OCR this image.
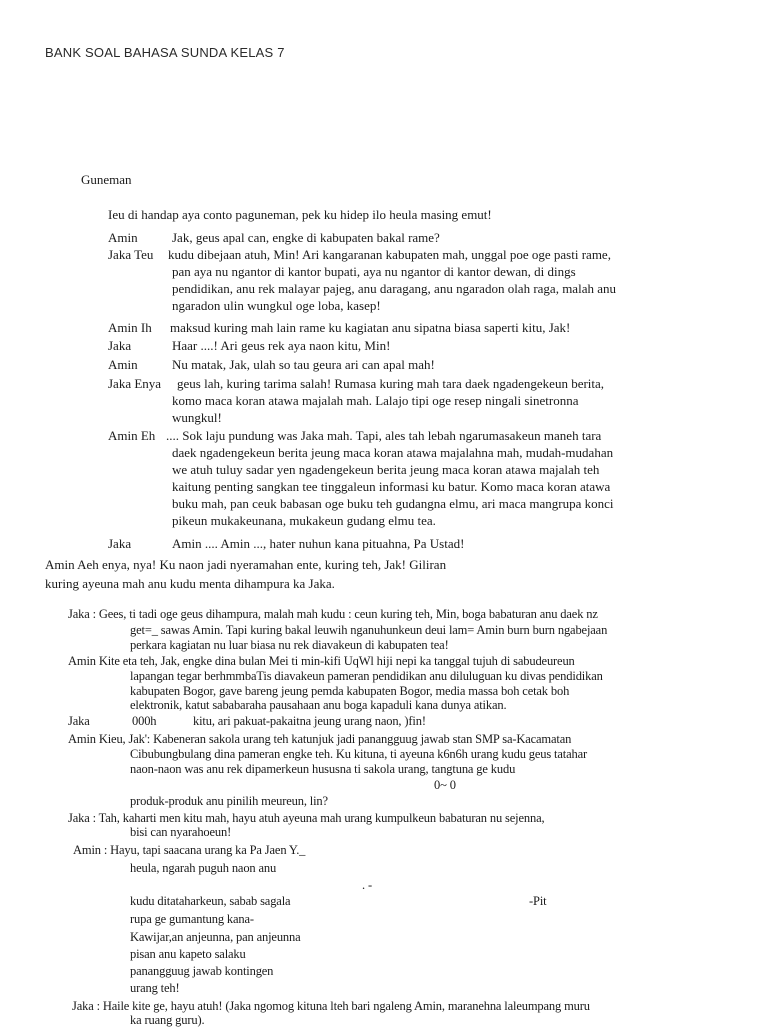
BANK SOAL BAHASA SUNDA KELAS 7
Guneman
Ieu di handap aya conto paguneman, pek ku hidep ilo heula masing emut!
Amin	Jak, geus apal can, engke di kabupaten bakal rame?
Jaka Teu kudu dibejaan atuh, Min! Ari kangaranan kabupaten mah, unggal poe oge pasti rame,
pan aya nu ngantor di kantor bupati, aya nu ngantor di kantor dewan, di dings
pendidikan, anu rek malayar pajeg, anu daragang, anu ngaradon olah raga, malah anu
ngaradon ulin wungkul oge loba, kasep!
Amin Ih maksud kuring mah lain rame ku kagiatan anu sipatna biasa saperti kitu, Jak!
Jaka	Haar ....! Ari geus rek aya naon kitu, Min!
Amin	Nu matak, Jak, ulah so tau geura ari can apal mah!
Jaka Enya geus lah, kuring tarima salah! Rumasa kuring mah tara daek ngadengekeun berita,
komo maca koran atawa majalah mah. Lalajo tipi oge resep ningali sinetronna
wungkul!
Amin Eh .... Sok laju pundung was Jaka mah. Tapi, ales tah lebah ngarumasakeun maneh tara
daek ngadengekeun berita jeung maca koran atawa majalahna mah, mudah-mudahan
we atuh tuluy sadar yen ngadengekeun berita jeung maca koran atawa majalah teh
kaitung penting sangkan tee tinggaleun informasi ku batur. Komo maca koran atawa
buku mah, pan ceuk babasan oge buku teh gudangna elmu, ari maca mangrupa konci
pikeun mukakeunana, mukakeun gudang elmu tea.
Jaka	Amin .... Amin ..., hater nuhun kana pituahna, Pa Ustad!
Amin Aeh enya, nya! Ku naon jadi nyeramahan ente, kuring teh, Jak! Giliran
kuring ayeuna mah anu kudu menta dihampura ka Jaka.
Jaka : Gees, ti tadi oge geus dihampura, malah mah kudu : ceun kuring teh, Min, boga babaturan anu daek nz
get=_ sawas Amin. Tapi kuring bakal leuwih nganuhunkeun deui lam= Amin burn burn ngabejaan
perkara kagiatan nu luar biasa nu rek diavakeun di kabupaten tea!
Amin Kite eta teh, Jak, engke dina bulan Mei ti min-kifi UqWl hiji nepi ka tanggal tujuh di sabudeureun
lapangan tegar berhmmbaTis diavakeun pameran pendidikan anu diluluguan ku divas pendidikan
kabupaten Bogor, gave bareng jeung pemda kabupaten Bogor, media massa boh cetak boh
elektronik, katut sababaraha pausahaan anu boga kapaduli kana dunya atikan.
Jaka	000h	kitu, ari pakuat-pakaitna jeung urang naon, )fin!
Amin Kieu, Jak': Kabeneran sakola urang teh katunjuk jadi panangguug jawab stan SMP sa-Kacamatan
Cibubungbulang dina pameran engke teh. Ku kituna, ti ayeuna k6n6h urang kudu geus tatahar
naon-naon was anu rek dipamerkeun hususna ti sakola urang, tangtuna ge kudu
0~ 0
produk-produk anu pinilih meureun, lin?
Jaka : Tah, kaharti men kitu mah, hayu atuh ayeuna mah urang kumpulkeun babaturan nu sejenna,
bisi can nyarahoeun!
Amin : Hayu, tapi saacana urang ka Pa Jaen Y._
heula, ngarah puguh naon anu
. -
kudu ditataharkeun, sabab sagala	-Pit
rupa ge gumantung kana-
Kawijar,an anjeunna, pan anjeunna
pisan anu kapeto salaku
panangguug jawab kontingen
urang teh!
Jaka : Haile kite ge, hayu atuh! (Jaka ngomog kituna lteh bari ngaleng Amin, maranehna laleumpang muru
ka ruang guru).
